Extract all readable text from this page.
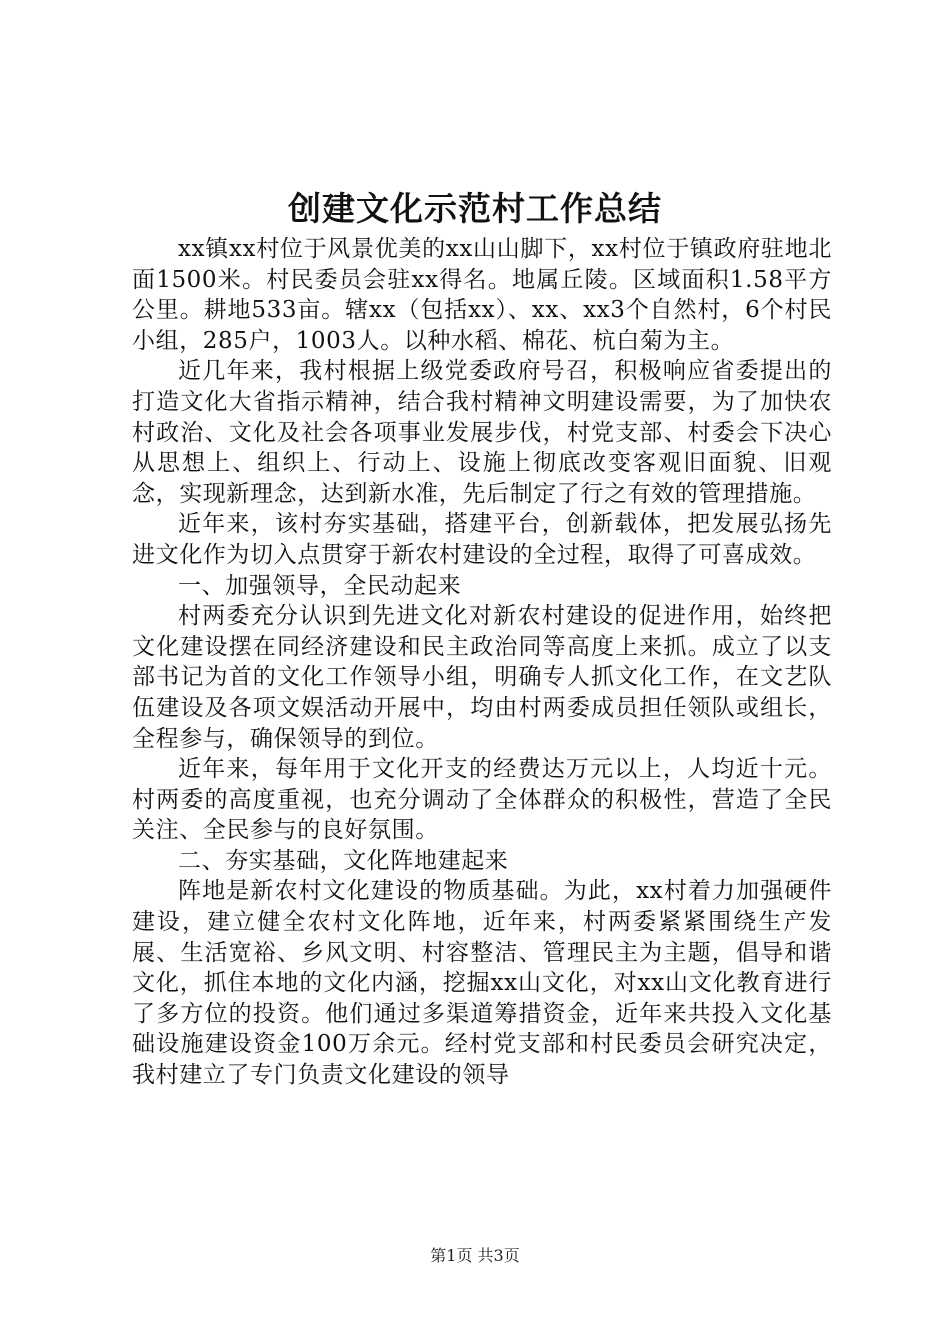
创建文化示范村工作总结

xx镇xx村位于风景优美的xx山山脚下，xx村位于镇政府驻地北面1500米。村民委员会驻xx得名。地属丘陵。区域面积1.58平方公里。耕地533亩。辖xx（包括xx）、xx、xx3个自然村，6个村民小组，285户，1003人。以种水稻、棉花、杭白菊为主。

近几年来，我村根据上级党委政府号召，积极响应省委提出的打造文化大省指示精神，结合我村精神文明建设需要，为了加快农村政治、文化及社会各项事业发展步伐，村党支部、村委会下决心从思想上、组织上、行动上、设施上彻底改变客观旧面貌、旧观念，实现新理念，达到新水准，先后制定了行之有效的管理措施。

近年来，该村夯实基础，搭建平台，创新载体，把发展弘扬先进文化作为切入点贯穿于新农村建设的全过程，取得了可喜成效。

一、加强领导，全民动起来

村两委充分认识到先进文化对新农村建设的促进作用，始终把文化建设摆在同经济建设和民主政治同等高度上来抓。成立了以支部书记为首的文化工作领导小组，明确专人抓文化工作，在文艺队伍建设及各项文娱活动开展中，均由村两委成员担任领队或组长，全程参与，确保领导的到位。

近年来，每年用于文化开支的经费达万元以上，人均近十元。村两委的高度重视，也充分调动了全体群众的积极性，营造了全民关注、全民参与的良好氛围。

二、夯实基础，文化阵地建起来

阵地是新农村文化建设的物质基础。为此，xx村着力加强硬件建设，建立健全农村文化阵地，近年来，村两委紧紧围绕生产发展、生活宽裕、乡风文明、村容整洁、管理民主为主题，倡导和谐文化，抓住本地的文化内涵，挖掘xx山文化，对xx山文化教育进行了多方位的投资。他们通过多渠道筹措资金，近年来共投入文化基础设施建设资金100万余元。经村党支部和村民委员会研究决定，我村建立了专门负责文化建设的领导

第1页 共3页
